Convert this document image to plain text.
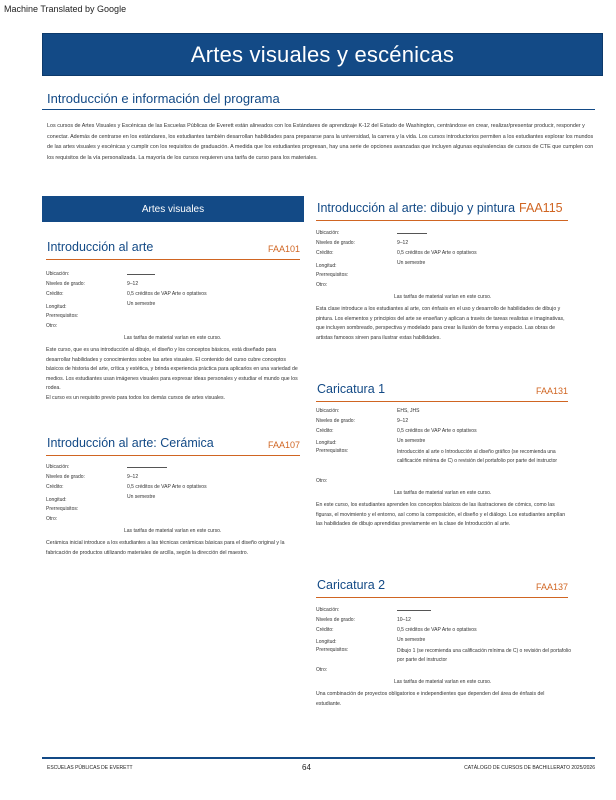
Machine Translated by Google
Artes visuales y escénicas
Introducción e información del programa
Los cursos de Artes Visuales y Escénicas de las Escuelas Públicas de Everett están alineados con los Estándares de aprendizaje K-12 del Estado de Washington, centrándose en crear, realizar/presentar producir, responder y conectar. Además de centrarse en los estándares, los estudiantes también desarrollan habilidades para prepararse para la universidad, la carrera y la vida. Los cursos introductorios permiten a los estudiantes explorar los mundos de las artes visuales y escénicas y cumplir con los requisitos de graduación. A medida que los estudiantes progresan, hay una serie de opciones avanzadas que incluyen algunas equivalencias de cursos de CTE que cumplen con los requisitos de la vía personalizada. La mayoría de los cursos requieren una tarifa de curso para los materiales.
Artes visuales
Introducción al arte	FAA101
Ubicación:
Niveles de grado:	9–12
Crédito:	0,5 créditos de VAP Arte o optativos
Longitud:	Un semestre
Prerrequisitos:
Otro:
Las tarifas de material varían en este curso.
Este curso, que es una introducción al dibujo, el diseño y los conceptos básicos, está diseñado para desarrollar habilidades y conocimientos sobre las artes visuales. El contenido del curso cubre conceptos básicos de historia del arte, crítica y estética, y brinda experiencia práctica para aplicarlos en una variedad de medios. Los estudiantes usan imágenes visuales para expresar ideas personales y estudiar el mundo que los rodea.
El curso es un requisito previo para todos los demás cursos de artes visuales.
Introducción al arte: Cerámica	FAA107
Ubicación:
Niveles de grado:	9–12
Crédito:	0,5 créditos de VAP Arte o optativos
Longitud:	Un semestre
Prerrequisitos:
Otro:
Las tarifas de material varían en este curso.
Cerámica inicial introduce a los estudiantes a las técnicas cerámicas básicas para el diseño original y la fabricación de productos utilizando materiales de arcilla, según la dirección del maestro.
Introducción al arte: dibujo y pintura FAA115
Ubicación:
Niveles de grado:	9–12
Crédito:	0,5 créditos de VAP Arte o optativos
Longitud:	Un semestre
Prerrequisitos:
Otro:
Las tarifas de material varían en este curso.
Esta clase introduce a los estudiantes al arte, con énfasis en el uso y desarrollo de habilidades de dibujo y pintura. Los elementos y principios del arte se enseñan y aplican a través de tareas realistas e imaginativas, que incluyen sombreado, perspectiva y modelado para crear la ilusión de forma y espacio. Las obras de artistas famosos sirven para ilustrar estas habilidades.
Caricatura 1	FAA131
Ubicación:	EHS, JHS
Niveles de grado:	9–12
Crédito:	0,5 créditos de VAP Arte o optativos
Longitud:	Un semestre
Prerrequisitos:	Introducción al arte o Introducción al diseño gráfico (se recomienda una calificación mínima de C) o revisión del portafolio por parte del instructor
Otro:
Las tarifas de material varían en este curso.
En este curso, los estudiantes aprenden los conceptos básicos de las ilustraciones de cómics, como las figuras, el movimiento y el entorno, así como la composición, el diseño y el diálogo. Los estudiantes amplían las habilidades de dibujo aprendidas previamente en la clase de Introducción al arte.
Caricatura 2	FAA137
Ubicación:
Niveles de grado:	10–12
Crédito:	0,5 créditos de VAP Arte o optativos
Longitud:	Un semestre
Prerrequisitos:	Dibujo 1 (se recomienda una calificación mínima de C) o revisión del portafolio por parte del instructor
Otro:
Las tarifas de material varían en este curso.
Una combinación de proyectos obligatorios e independientes que dependen del área de énfasis del estudiante.
ESCUELAS PÚBLICAS DE EVERETT	64	CATÁLOGO DE CURSOS DE BACHILLERATO 2025/2026
